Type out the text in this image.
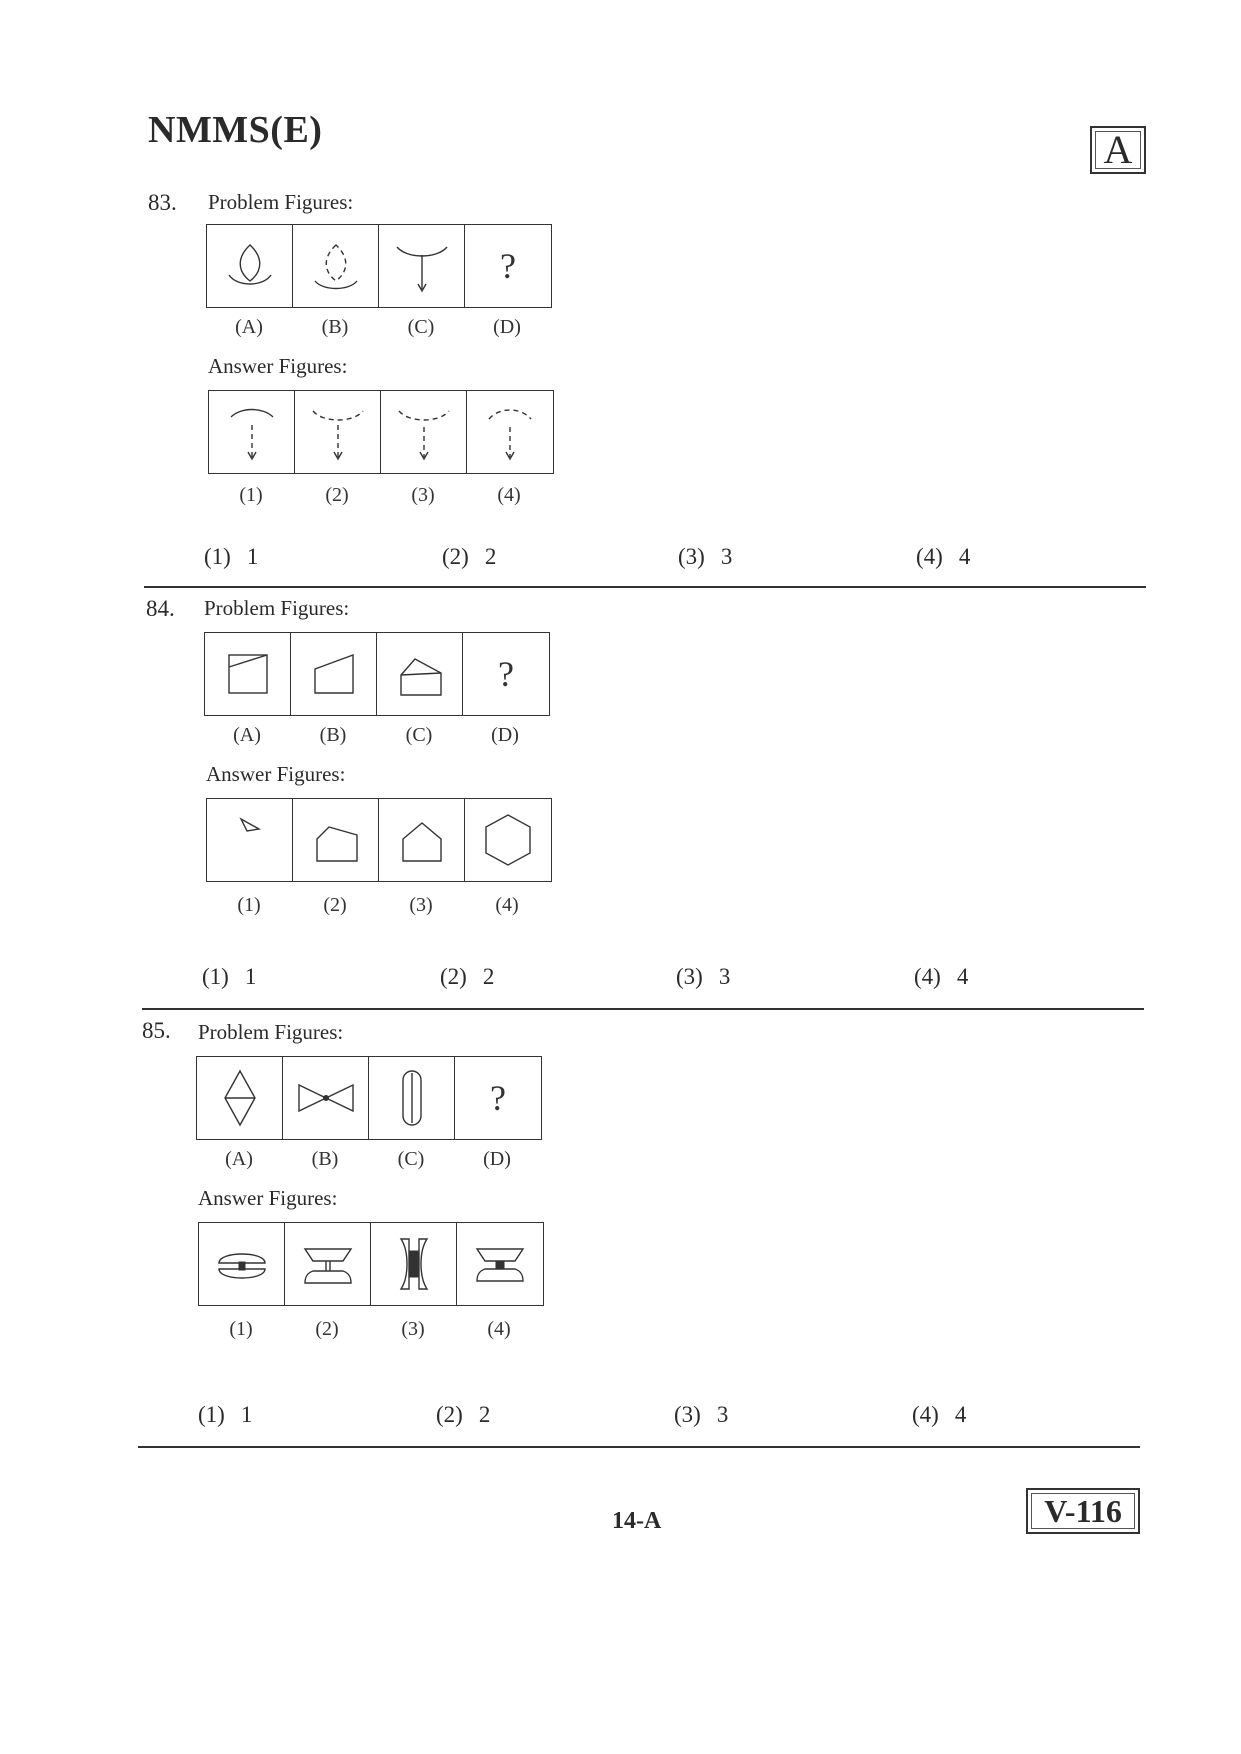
NMMS(E)	A
83. Problem Figures:
?
(A)	(B)	(C)	(D)
Answer Figures:
(1)	(2)	(3)	(4)
(1) 1	(2) 2	(3) 3	(4) 4
84. Problem Figures:
?
(A)	(B)	(C)	(D)
Answer Figures:
(1)	(2)	(3)	(4)
(1) 1	(2) 2	(3) 3	(4) 4
85. Problem Figures:
?
(A)	(B)	(C)	(D)
Answer Figures:
(1)	(2)	(3)	(4)
(1) 1	(2) 2	(3) 3	(4) 4
14-A	V-116
